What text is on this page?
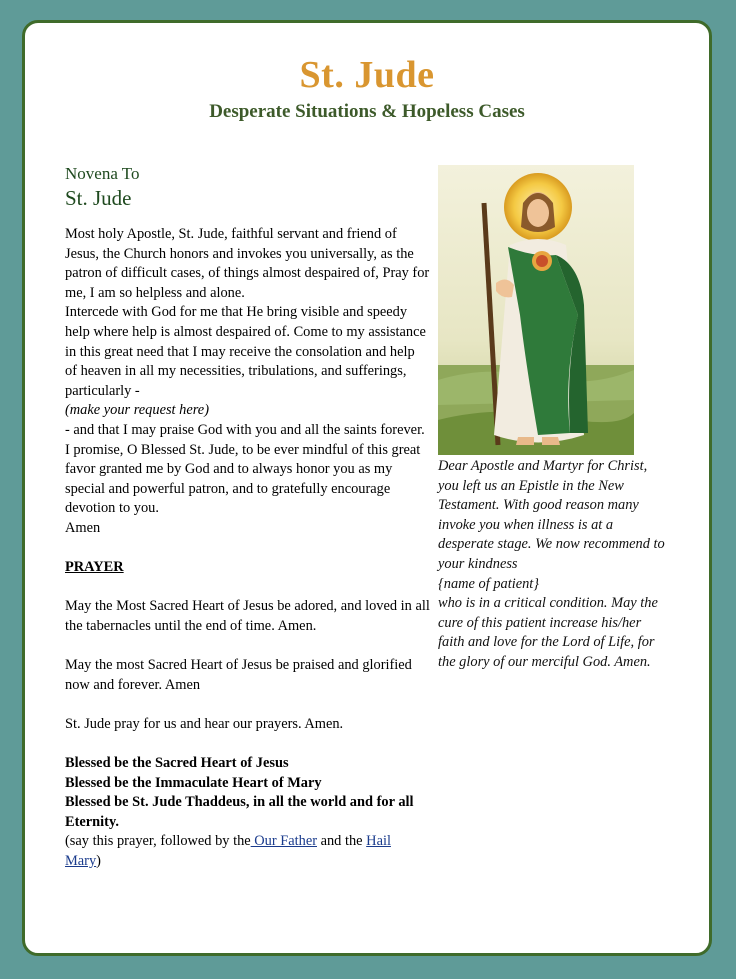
St. Jude
Desperate Situations & Hopeless Cases
Novena To
St. Jude

Most holy Apostle, St. Jude, faithful servant and friend of Jesus, the Church honors and invokes you universally, as the patron of difficult cases, of things almost despaired of, Pray for me, I am so helpless and alone.

Intercede with God for me that He bring visible and speedy help where help is almost despaired of. Come to my assistance in this great need that I may receive the consolation and help of heaven in all my necessities, tribulations, and sufferings, particularly -

(make your request here)

- and that I may praise God with you and all the saints forever. I promise, O Blessed St. Jude, to be ever mindful of this great favor granted me by God and to always honor you as my special and powerful patron, and to gratefully encourage devotion to you.

Amen

PRAYER

May the Most Sacred Heart of Jesus be adored, and loved in all the tabernacles until the end of time. Amen.

May the most Sacred Heart of Jesus be praised and glorified now and forever. Amen

St. Jude pray for us and hear our prayers. Amen.

Blessed be the Sacred Heart of Jesus

Blessed be the Immaculate Heart of Mary

Blessed be St. Jude Thaddeus, in all the world and for all Eternity.

(say this prayer, followed by the Our Father and the Hail Mary)

Dear Apostle and Martyr for Christ, you left us an Epistle in the New Testament. With good reason many invoke you when illness is at a desperate stage. We now recommend to your kindness
{name of patient}
who is in a critical condition. May the cure of this patient increase his/her faith and love for the Lord of Life, for the glory of our merciful God. Amen.
